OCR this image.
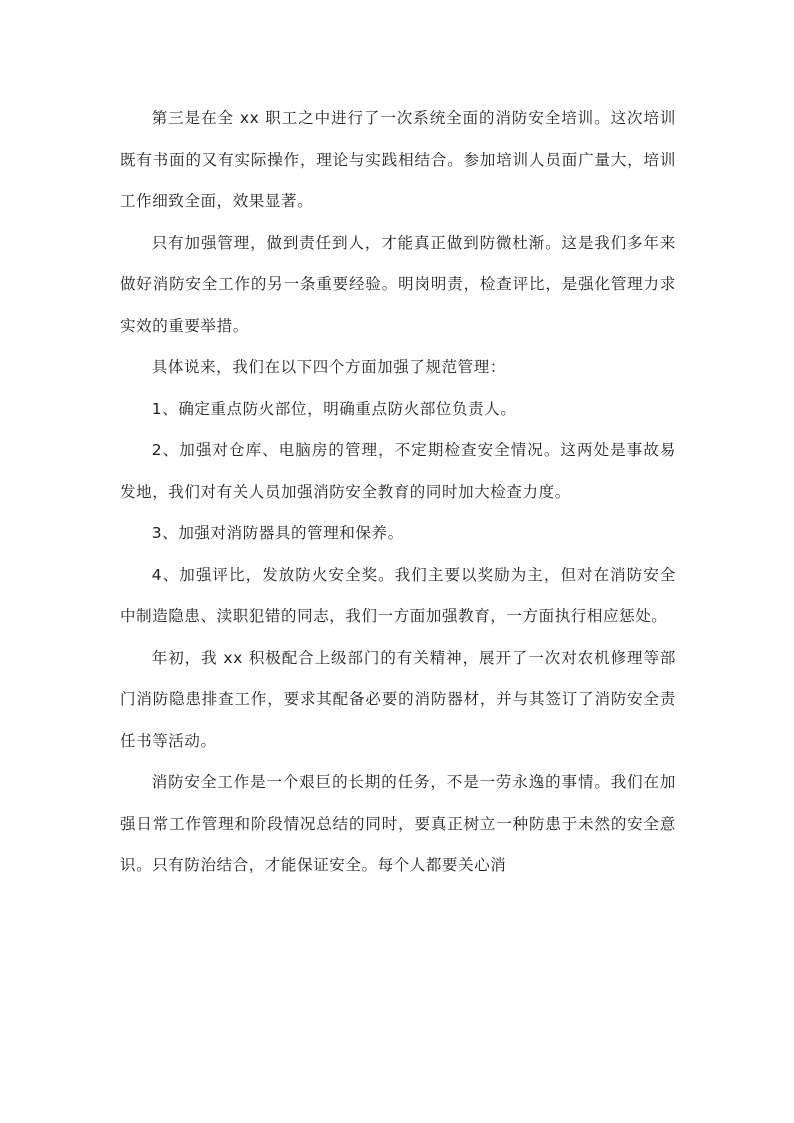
第三是在全 xx 职工之中进行了一次系统全面的消防安全培训。这次培训既有书面的又有实际操作，理论与实践相结合。参加培训人员面广量大，培训工作细致全面，效果显著。

只有加强管理，做到责任到人，才能真正做到防微杜渐。这是我们多年来做好消防安全工作的另一条重要经验。明岗明责，检查评比，是强化管理力求实效的重要举措。

具体说来，我们在以下四个方面加强了规范管理：

1、确定重点防火部位，明确重点防火部位负责人。

2、加强对仓库、电脑房的管理，不定期检查安全情况。这两处是事故易发地，我们对有关人员加强消防安全教育的同时加大检查力度。

3、加强对消防器具的管理和保养。

4、加强评比，发放防火安全奖。我们主要以奖励为主，但对在消防安全中制造隐患、渎职犯错的同志，我们一方面加强教育，一方面执行相应惩处。

年初，我 xx 积极配合上级部门的有关精神，展开了一次对农机修理等部门消防隐患排查工作，要求其配备必要的消防器材，并与其签订了消防安全责任书等活动。

消防安全工作是一个艰巨的长期的任务，不是一劳永逸的事情。我们在加强日常工作管理和阶段情况总结的同时，要真正树立一种防患于未然的安全意识。只有防治结合，才能保证安全。每个人都要关心消
